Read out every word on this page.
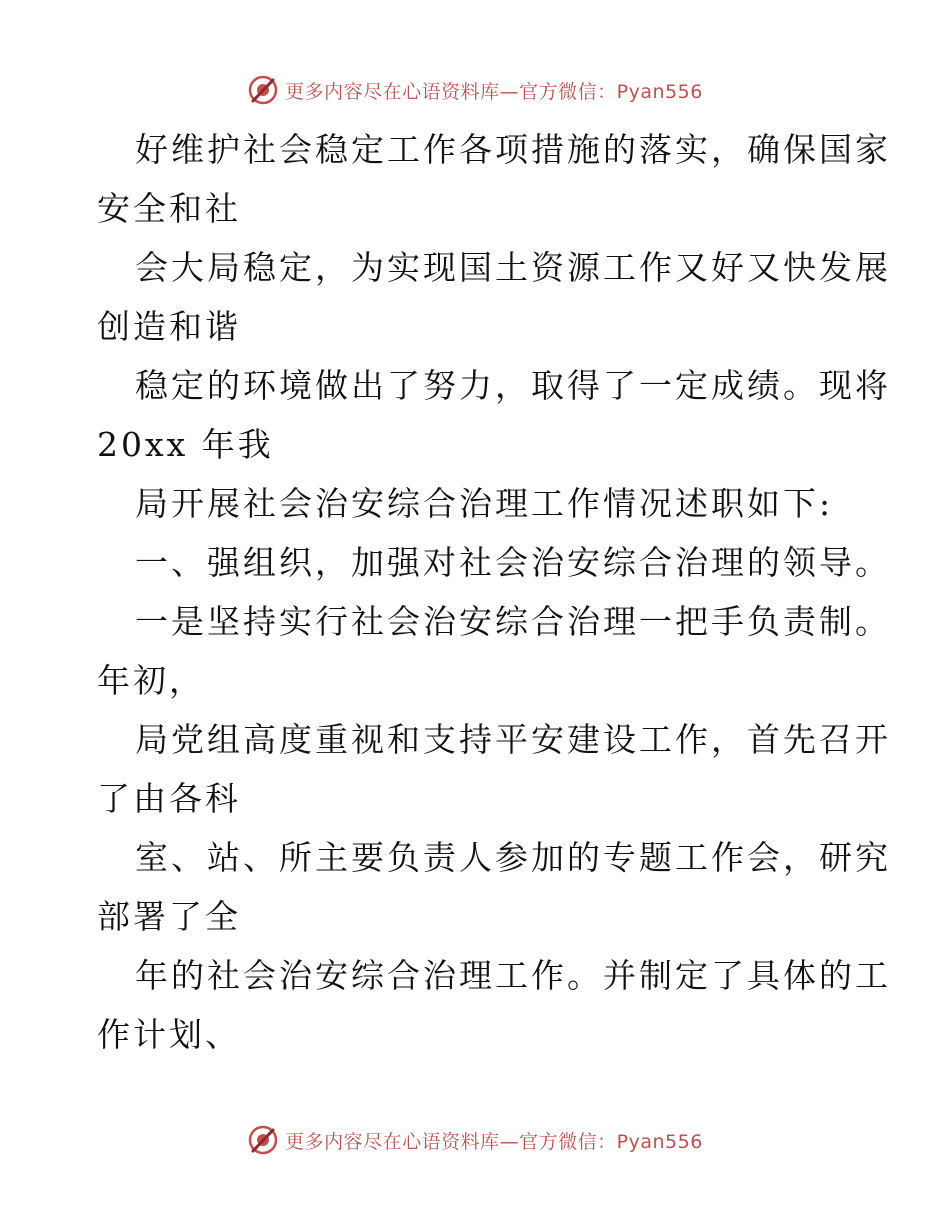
更多内容尽在心语资料库—官方微信：Pyan556
好维护社会稳定工作各项措施的落实，确保国家
安全和社
会大局稳定，为实现国土资源工作又好又快发展
创造和谐
稳定的环境做出了努力，取得了一定成绩。现将
20xx 年我
局开展社会治安综合治理工作情况述职如下:
一、强组织，加强对社会治安综合治理的领导。
一是坚持实行社会治安综合治理一把手负责制。
年初，
局党组高度重视和支持平安建设工作，首先召开
了由各科
室、站、所主要负责人参加的专题工作会，研究
部署了全
年的社会治安综合治理工作。并制定了具体的工
作计划、
更多内容尽在心语资料库—官方微信：Pyan556
